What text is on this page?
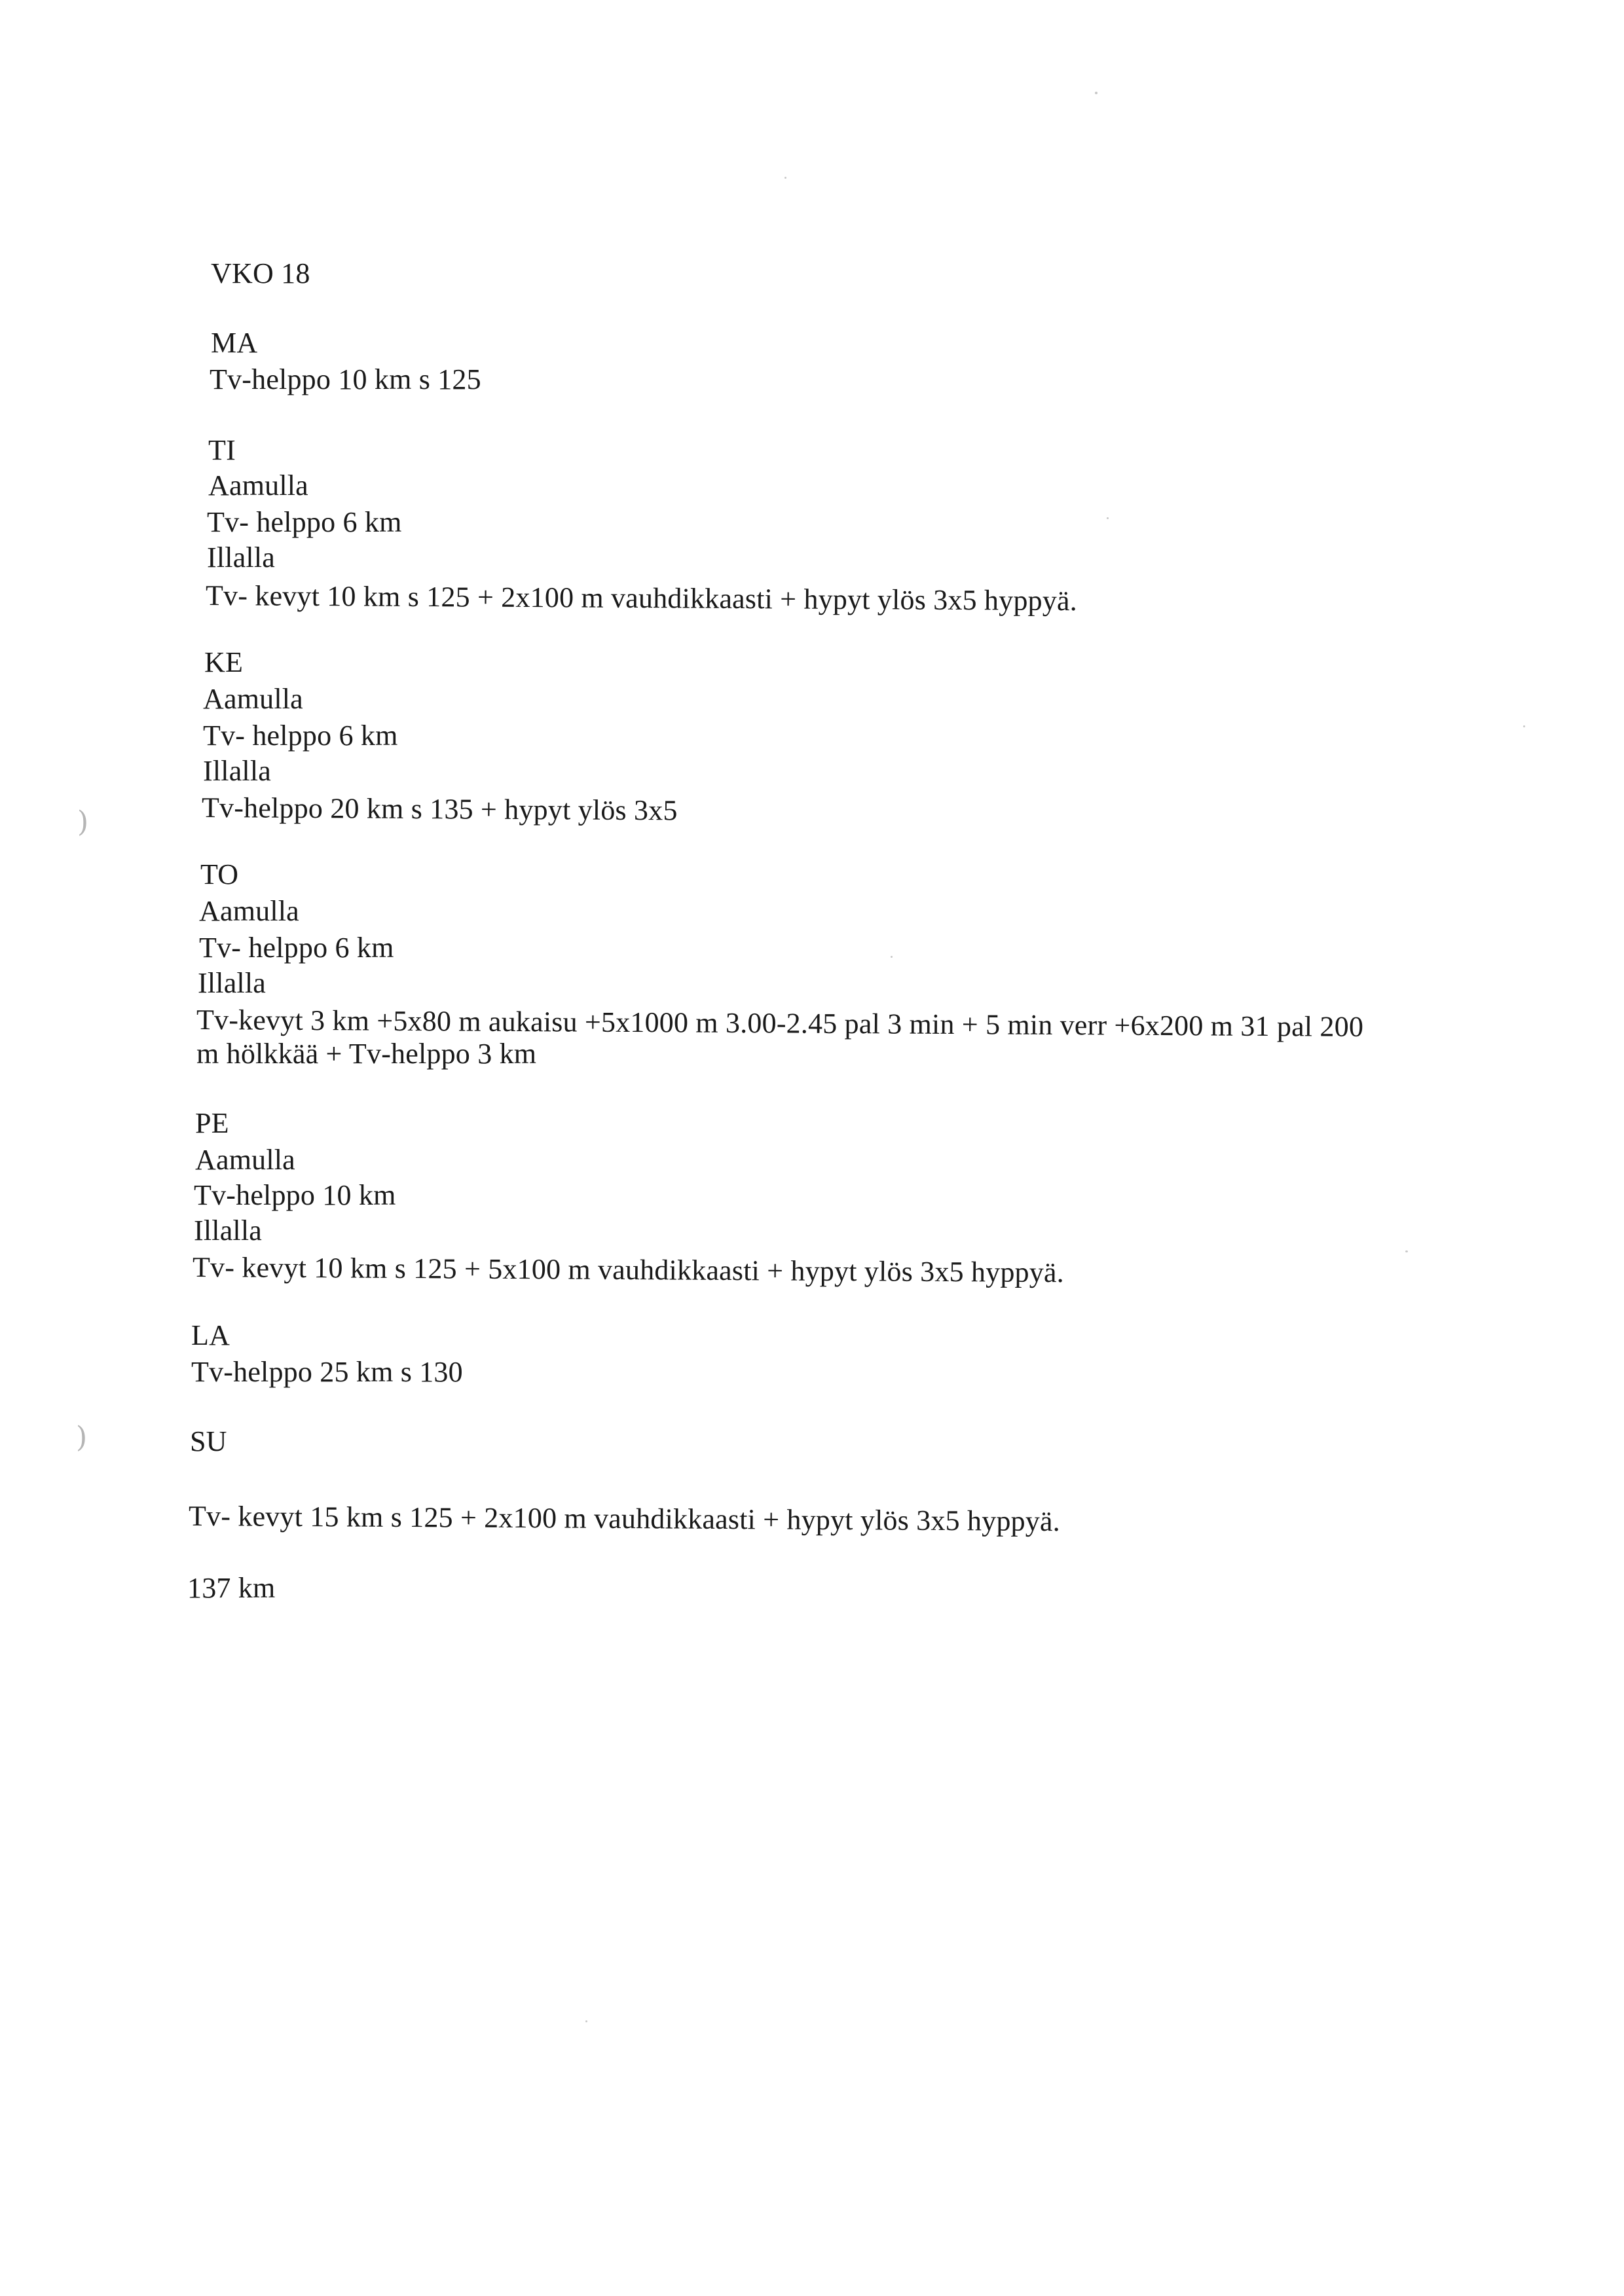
VKO 18
MA
Tv-helppo 10 km s 125
TI
Aamulla
Tv- helppo 6 km
Illalla
Tv- kevyt 10 km s 125 + 2x100 m vauhdikkaasti + hypyt ylös 3x5 hyppyä.
KE
Aamulla
Tv- helppo 6 km
Illalla
Tv-helppo 20 km s 135 + hypyt ylös 3x5
TO
Aamulla
Tv- helppo 6 km
Illalla
Tv-kevyt 3 km +5x80 m aukaisu +5x1000 m 3.00-2.45 pal 3 min + 5 min verr +6x200 m 31 pal 200
m hölkkää + Tv-helppo 3 km
PE
Aamulla
Tv-helppo 10 km
Illalla
Tv- kevyt 10 km s 125 + 5x100 m vauhdikkaasti + hypyt ylös 3x5 hyppyä.
LA
Tv-helppo 25 km s 130
SU
Tv- kevyt 15 km s 125 + 2x100 m vauhdikkaasti + hypyt ylös 3x5 hyppyä.
137 km
)
)
